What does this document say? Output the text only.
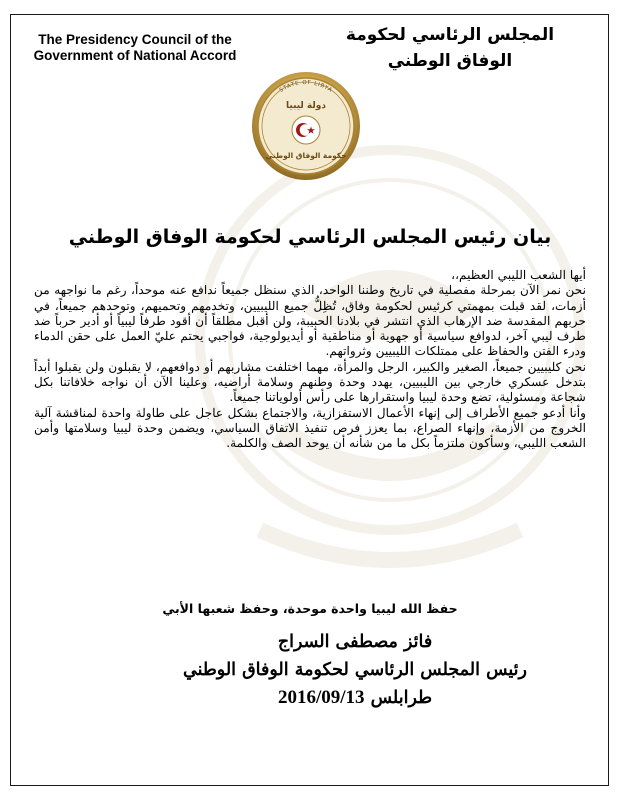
The Presidency Council of the
Government of National Accord
المجلس الرئاسي لحكومة
الوفاق الوطني
STATE OF LIBYA
دولة ليبيا
حكومة الوفاق الوطني
بيان رئيس المجلس الرئاسي لحكومة الوفاق الوطني

أيها الشعب الليبي العظيم،،

نحن نمر الآن بمرحلة مفصلية في تاريخ وطننا الواحد، الذي سنظل جميعاً ندافع عنه موحداً، رغم ما نواجهه من أزمات، لقد قبلت بمهمتي كرئيس لحكومة وفاق، تُظِلُّ جميع الليبيين، وتخدمهم وتحميهم، وتوحدهم جميعاً، في حربهم المقدسة ضد الإرهاب الذي انتشر في بلادنا الحبيبة، ولن أقبل مطلقاً أن أقود طرفاً ليبياً أو أدير حرباً ضد طرف ليبي آخر، لدوافع سياسية أو جهوية أو مناطقية أو أيديولوجية، فواجبي يحتم عليّ العمل على حقن الدماء ودرء الفتن والحفاظ على ممتلكات الليبيين وثرواتهم.

نحن كليبيين جميعاً، الصغير والكبير، الرجل والمرأة، مهما اختلفت مشاربهم أو دوافعهم، لا يقبلون ولن يقبلوا أبداً بتدخل عسكري خارجي بين الليبيين، يهدد وحدة وطنهم وسلامة أراضيه، وعلينا الآن أن نواجه خلافاتنا بكل شجاعة ومسئولية، تضع وحدة ليبيا واستقرارها على رأس أولوياتنا جميعاً.

وأنا أدعو جميع الأطراف إلى إنهاء الأعمال الاستفزازية، والاجتماع بشكل عاجل على طاولة واحدة لمناقشة آلية الخروج من الأزمة، وإنهاء الصراع، بما يعزز فرص تنفيذ الاتفاق السياسي، ويضمن وحدة ليبيا وسلامتها وأمن الشعب الليبي، وسأكون ملتزماً بكل ما من شأنه أن يوحد الصف والكلمة.

حفظ الله ليبيا واحدة موحدة، وحفظ شعبها الأبي
فائز مصطفى السراج
رئيس المجلس الرئاسي لحكومة الوفاق الوطني
طرابلس 2016/09/13
